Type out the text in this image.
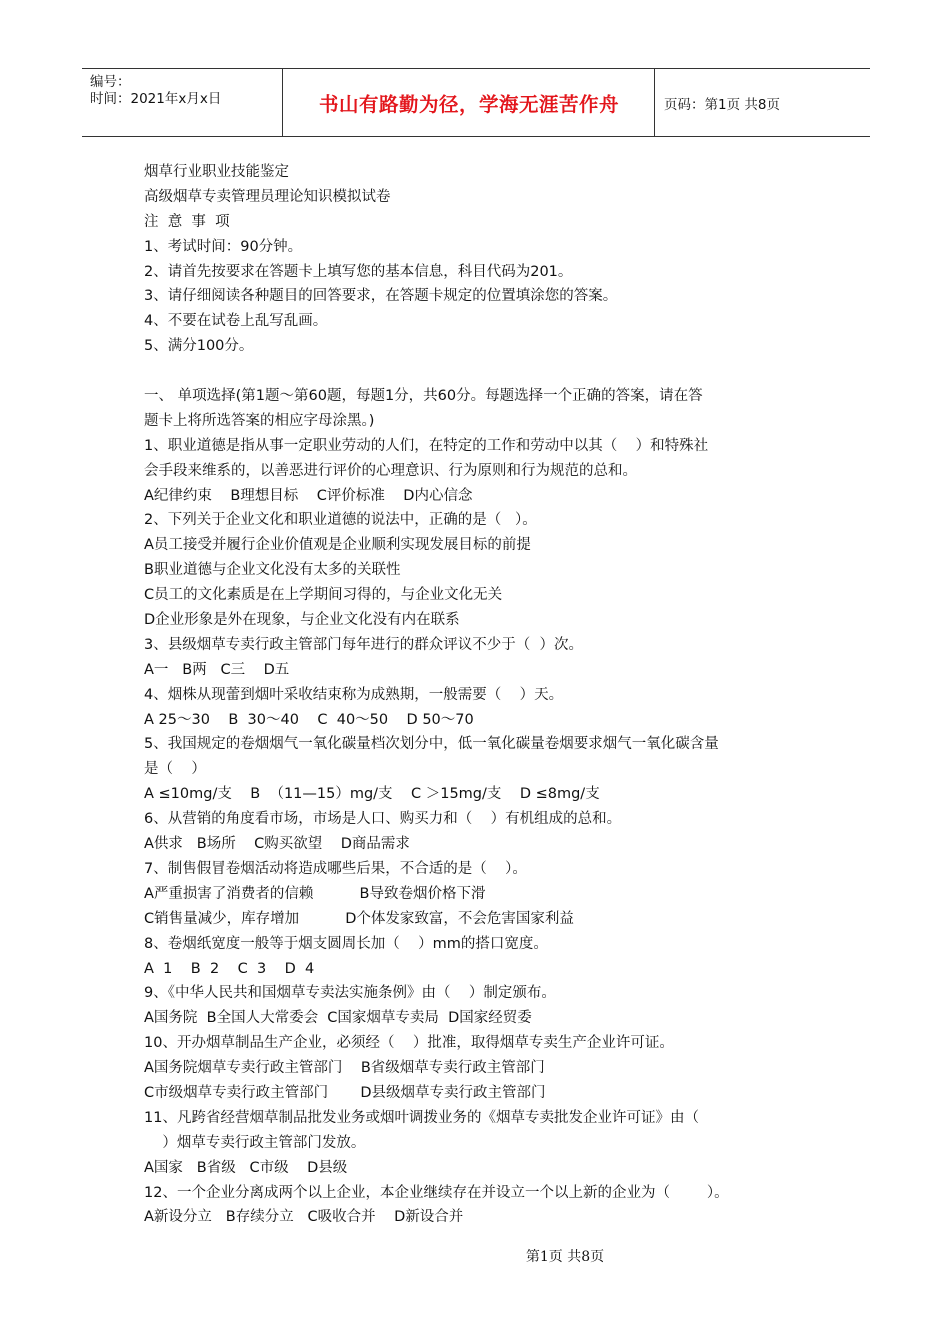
编号：
时间：2021年x月x日	书山有路勤为径，学海无涯苦作舟	页码：第1页 共8页
烟草行业职业技能鉴定
高级烟草专卖管理员理论知识模拟试卷
注  意  事  项
1、考试时间：90分钟。
2、请首先按要求在答题卡上填写您的基本信息，科目代码为201。
3、请仔细阅读各种题目的回答要求，在答题卡规定的位置填涂您的答案。
4、不要在试卷上乱写乱画。
5、满分100分。
一、 单项选择(第1题～第60题，每题1分，共60分。每题选择一个正确的答案，请在答
题卡上将所选答案的相应字母涂黑。)
1、职业道德是指从事一定职业劳动的人们，在特定的工作和劳动中以其（    ）和特殊社
会手段来维系的，以善恶进行评价的心理意识、行为原则和行为规范的总和。
A纪律约束    B理想目标    C评价标准    D内心信念
2、下列关于企业文化和职业道德的说法中，正确的是（   ）。
A员工接受并履行企业价值观是企业顺利实现发展目标的前提
B职业道德与企业文化没有太多的关联性
C员工的文化素质是在上学期间习得的，与企业文化无关
D企业形象是外在现象，与企业文化没有内在联系
3、县级烟草专卖行政主管部门每年进行的群众评议不少于（  ）次。
A一   B两   C三    D五
4、烟株从现蕾到烟叶采收结束称为成熟期，一般需要（    ）天。
A 25～30    B  30～40    C  40～50    D 50～70
5、我国规定的卷烟烟气一氧化碳量档次划分中，低一氧化碳量卷烟要求烟气一氧化碳含量
是（    ）
A ≤10mg/支    B  （11—15）mg/支    C ＞15mg/支    D ≤8mg/支
6、从营销的角度看市场，市场是人口、购买力和（    ）有机组成的总和。
A供求   B场所    C购买欲望    D商品需求
7、制售假冒卷烟活动将造成哪些后果，不合适的是（    ）。
A严重损害了消费者的信赖          B导致卷烟价格下滑
C销售量减少，库存增加          D个体发家致富，不会危害国家利益
8、卷烟纸宽度一般等于烟支圆周长加（    ）mm的搭口宽度。
A  1    B  2    C  3    D  4
9、《中华人民共和国烟草专卖法实施条例》由（    ）制定颁布。
A国务院  B全国人大常委会  C国家烟草专卖局  D国家经贸委
10、开办烟草制品生产企业，必须经（    ）批准，取得烟草专卖生产企业许可证。
A国务院烟草专卖行政主管部门    B省级烟草专卖行政主管部门
C市级烟草专卖行政主管部门       D县级烟草专卖行政主管部门
11、凡跨省经营烟草制品批发业务或烟叶调拨业务的《烟草专卖批发企业许可证》由（
）烟草专卖行政主管部门发放。
A国家   B省级   C市级    D县级
12、一个企业分离成两个以上企业，本企业继续存在并设立一个以上新的企业为（        ）。
A新设分立   B存续分立   C吸收合并    D新设合并
第1页 共8页
